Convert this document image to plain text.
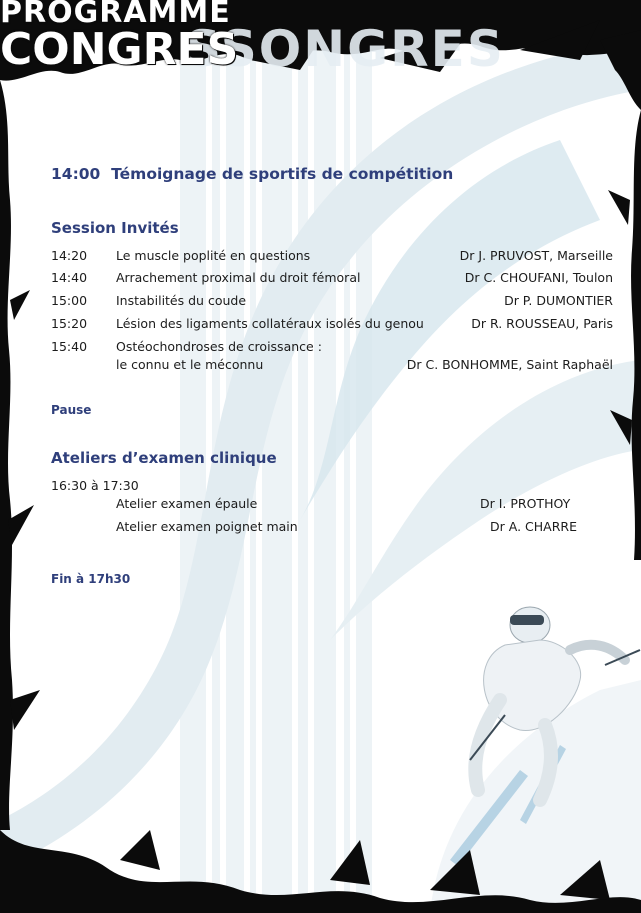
SSONGRES
PROGRAMME
CONGRES
14:00 Témoignage de sportifs de compétition
Session Invités
14:20 Le muscle poplité en questions	Dr J. PRUVOST, Marseille
14:40 Arrachement proximal du droit fémoral	Dr C. CHOUFANI, Toulon
15:00 Instabilités du coude	Dr P. DUMONTIER
15:20 Lésion des ligaments collatéraux isolés du genou	Dr R. ROUSSEAU, Paris
15:40 Ostéochondroses de croissance :
le connu et le méconnu	Dr C. BONHOMME, Saint Raphaël
Pause
Ateliers d’examen clinique
16:30 à 17:30
Atelier examen épaule	Dr I. PROTHOY
Atelier examen poignet main	Dr A. CHARRE
Fin à 17h30
